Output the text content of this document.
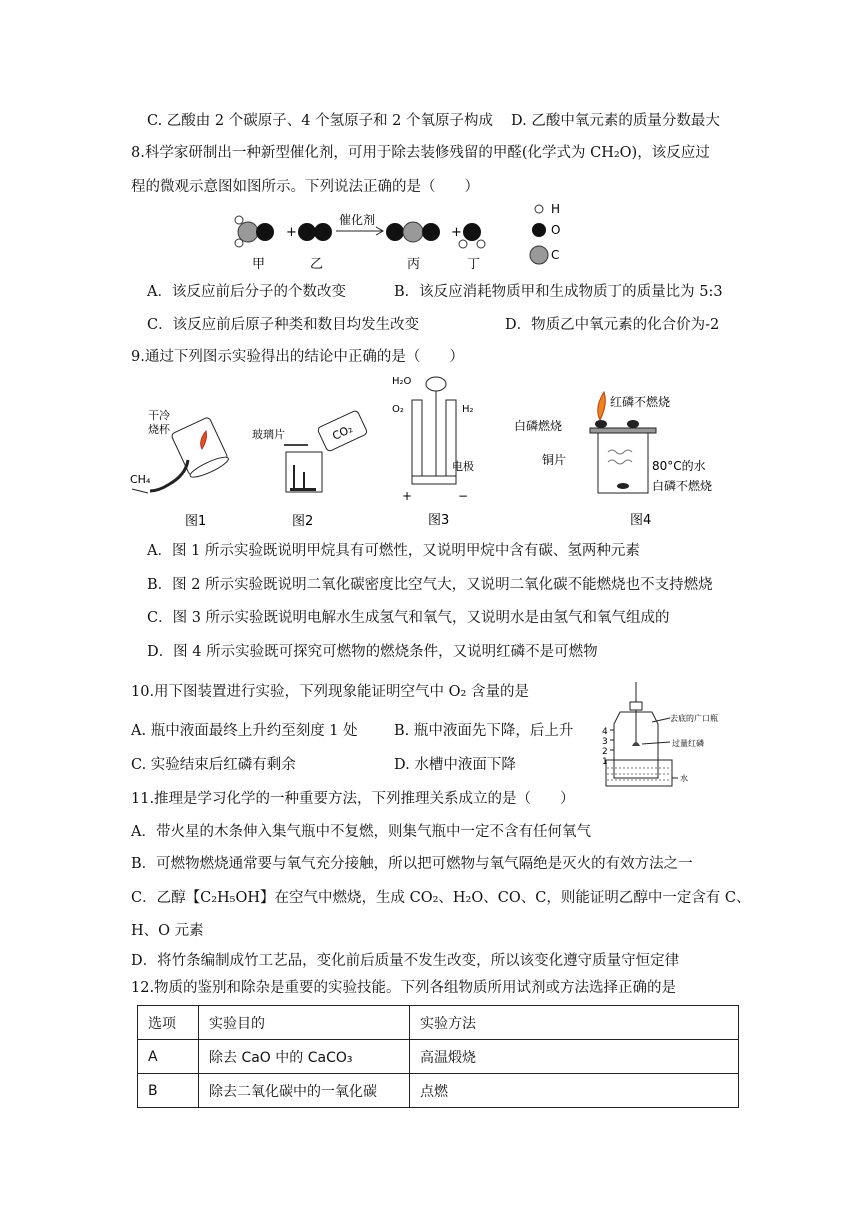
C. 乙酸由 2 个碳原子、4 个氢原子和 2 个氧原子构成 D. 乙酸中氧元素的质量分数最大
8.科学家研制出一种新型催化剂，可用于除去装修残留的甲醛(化学式为 CH₂O)，该反应过
程的微观示意图如图所示。下列说法正确的是（　　）
+
催化剂
+
甲	乙	丙	丁
H
O
C
A．该反应前后分子的个数改变	B．该反应消耗物质甲和生成物质丁的质量比为 5:3
C．该反应前后原子种类和数目均发生改变	D．物质乙中氧元素的化合价为-2
9.通过下列图示实验得出的结论中正确的是（　　）
干冷
烧杯
CH₄
图1
玻璃片	CO₂
图2
H₂O
O₂	H₂
电极
+	−
图3
红磷不燃烧
白磷燃烧
铜片	80°C的水
白磷不燃烧
图4
A．图 1 所示实验既说明甲烷具有可燃性，又说明甲烷中含有碳、氢两种元素
B．图 2 所示实验既说明二氧化碳密度比空气大，又说明二氧化碳不能燃烧也不支持燃烧
C．图 3 所示实验既说明电解水生成氢气和氧气，又说明水是由氢气和氧气组成的
D．图 4 所示实验既可探究可燃物的燃烧条件，又说明红磷不是可燃物
10.用下图装置进行实验，下列现象能证明空气中 O₂ 含量的是
A. 瓶中液面最终上升约至刻度 1 处	B. 瓶中液面先下降，后上升
C. 实验结束后红磷有剩余	D. 水槽中液面下降
4
3
2
1
去底的广口瓶
过量红磷
水
11.推理是学习化学的一种重要方法，下列推理关系成立的是（　　）
A．带火星的木条伸入集气瓶中不复燃，则集气瓶中一定不含有任何氧气
B．可燃物燃烧通常要与氧气充分接触，所以把可燃物与氧气隔绝是灭火的有效方法之一
C．乙醇【C₂H₅OH】在空气中燃烧，生成 CO₂、H₂O、CO、C，则能证明乙醇中一定含有 C、
H、O 元素
D．将竹条编制成竹工艺品，变化前后质量不发生改变，所以该变化遵守质量守恒定律
12.物质的鉴别和除杂是重要的实验技能。下列各组物质所用试剂或方法选择正确的是
选项	实验目的	实验方法
A	除去 CaO 中的 CaCO₃	高温煅烧
B	除去二氧化碳中的一氧化碳	点燃
